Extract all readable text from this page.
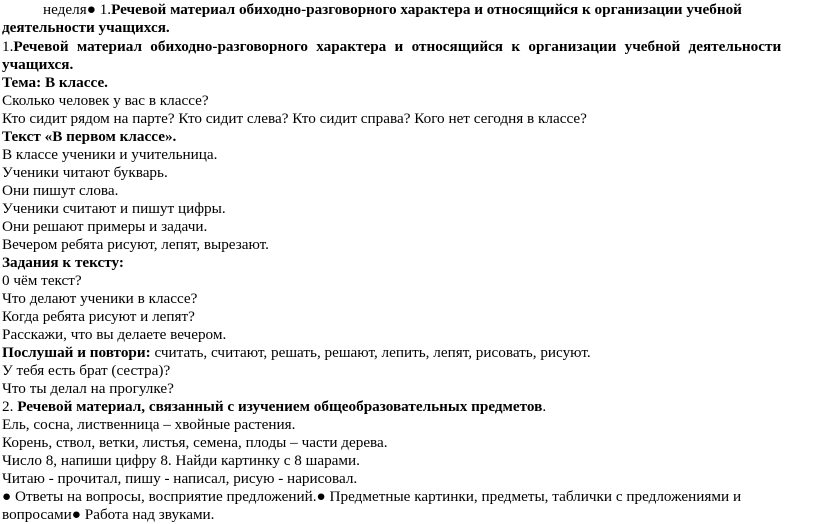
неделя● 1.Речевой материал обиходно-разговорного характера и относящийся к организации учебной
деятельности учащихся.
1.Речевой материал обиходно-разговорного характера и относящийся к организации учебной деятельности
учащихся.
Тема: В классе.
Сколько человек у вас в классе?
Кто сидит рядом на парте? Кто сидит слева? Кто сидит справа? Кого нет сегодня в классе?
Текст «В первом классе».
В классе ученики и учительница.
Ученики читают букварь.
Они пишут слова.
Ученики считают и пишут цифры.
Они решают примеры и задачи.
Вечером ребята рисуют, лепят, вырезают.
Задания к тексту:
0 чём текст?
Что делают ученики в классе?
Когда ребята рисуют и лепят?
Расскажи, что вы делаете вечером.
Послушай и повтори: считать, считают, решать, решают, лепить, лепят, рисовать, рисуют.
У тебя есть брат (сестра)?
Что ты делал на прогулке?
2. Речевой материал, связанный с изучением общеобразовательных предметов.
Ель, сосна, лиственница – хвойные растения.
Корень, ствол, ветки, листья, семена, плоды – части дерева.
Число 8, напиши цифру 8. Найди картинку с 8 шарами.
Читаю - прочитал, пишу - написал, рисую - нарисовал.
● Ответы на вопросы, восприятие предложений.● Предметные картинки, предметы, таблички с предложениями и
вопросами● Работа над звуками.
